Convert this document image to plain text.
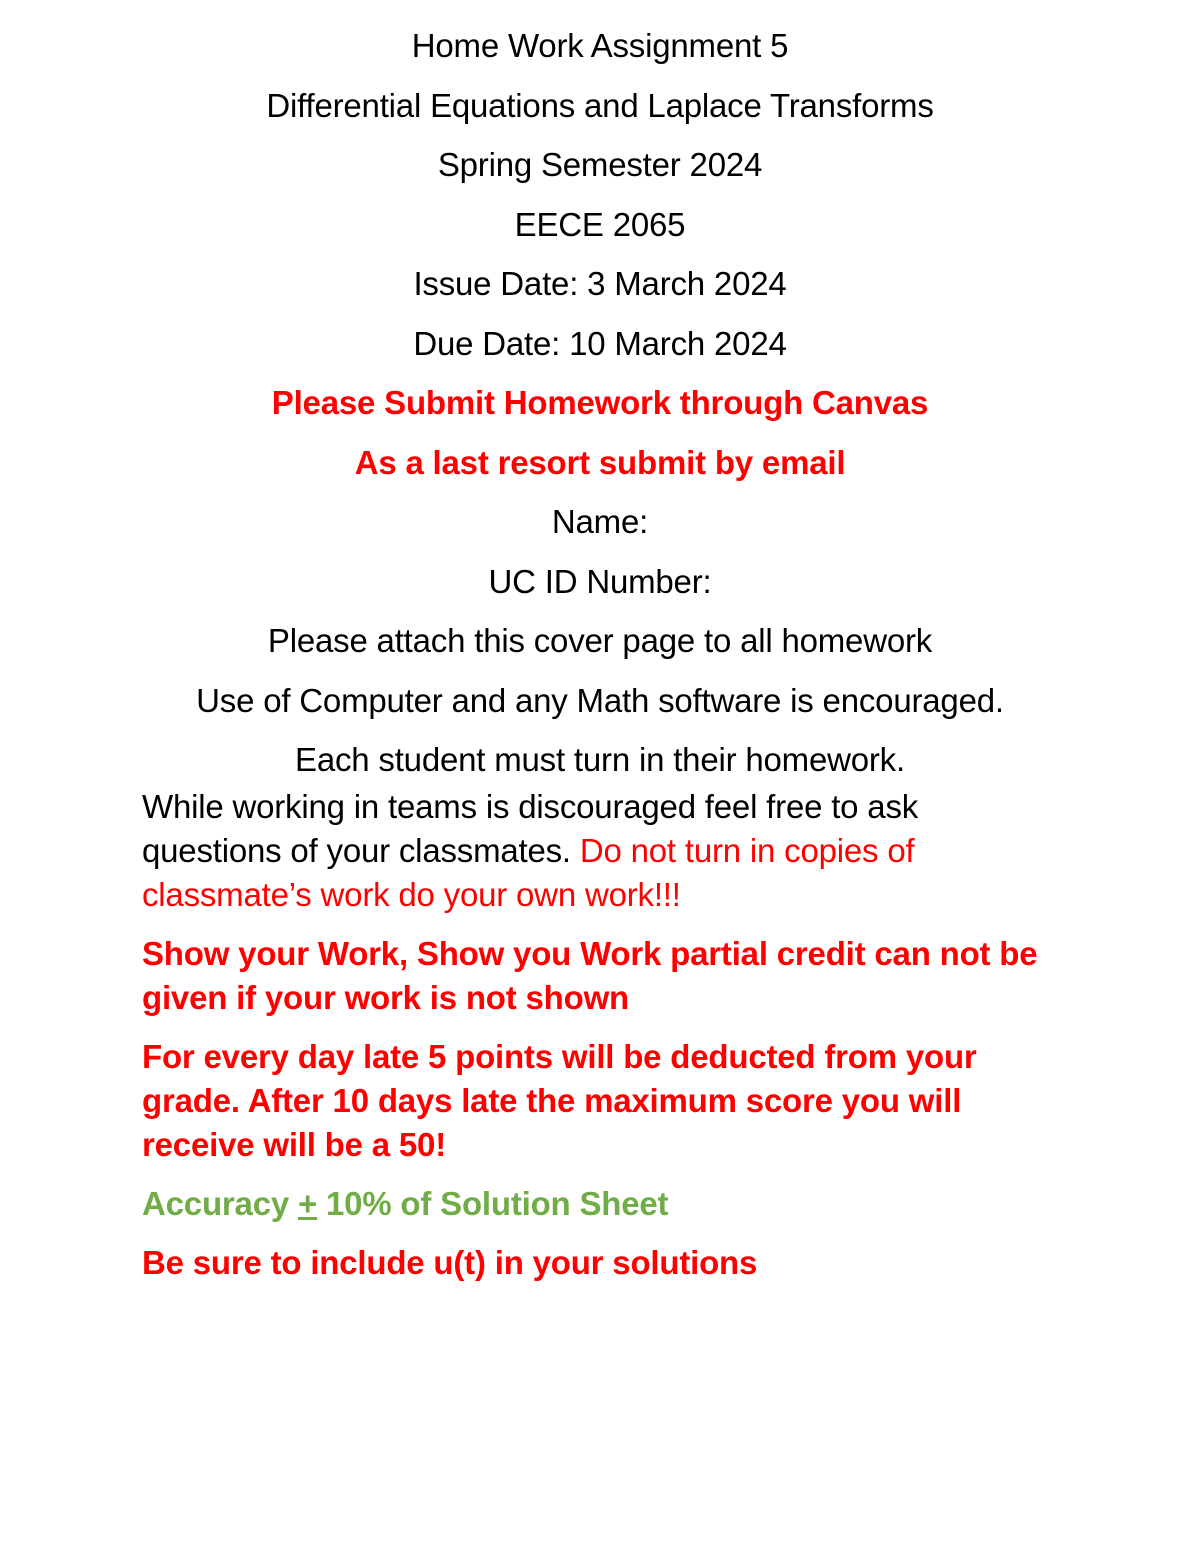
Home Work Assignment 5
Differential Equations and Laplace Transforms
Spring Semester 2024
EECE 2065
Issue Date: 3 March 2024
Due Date: 10 March 2024
Please Submit Homework through Canvas
As a last resort submit by email
Name:
UC ID Number:
Please attach this cover page to all homework
Use of Computer and any Math software is encouraged.
Each student must turn in their homework.

While working in teams is discouraged feel free to ask questions of your classmates. Do not turn in copies of classmate’s work do your own work!!!

Show your Work, Show you Work partial credit can not be given if your work is not shown

For every day late 5 points will be deducted from your grade. After 10 days late the maximum score you will receive will be a 50!

Accuracy + 10% of Solution Sheet

Be sure to include u(t) in your solutions
